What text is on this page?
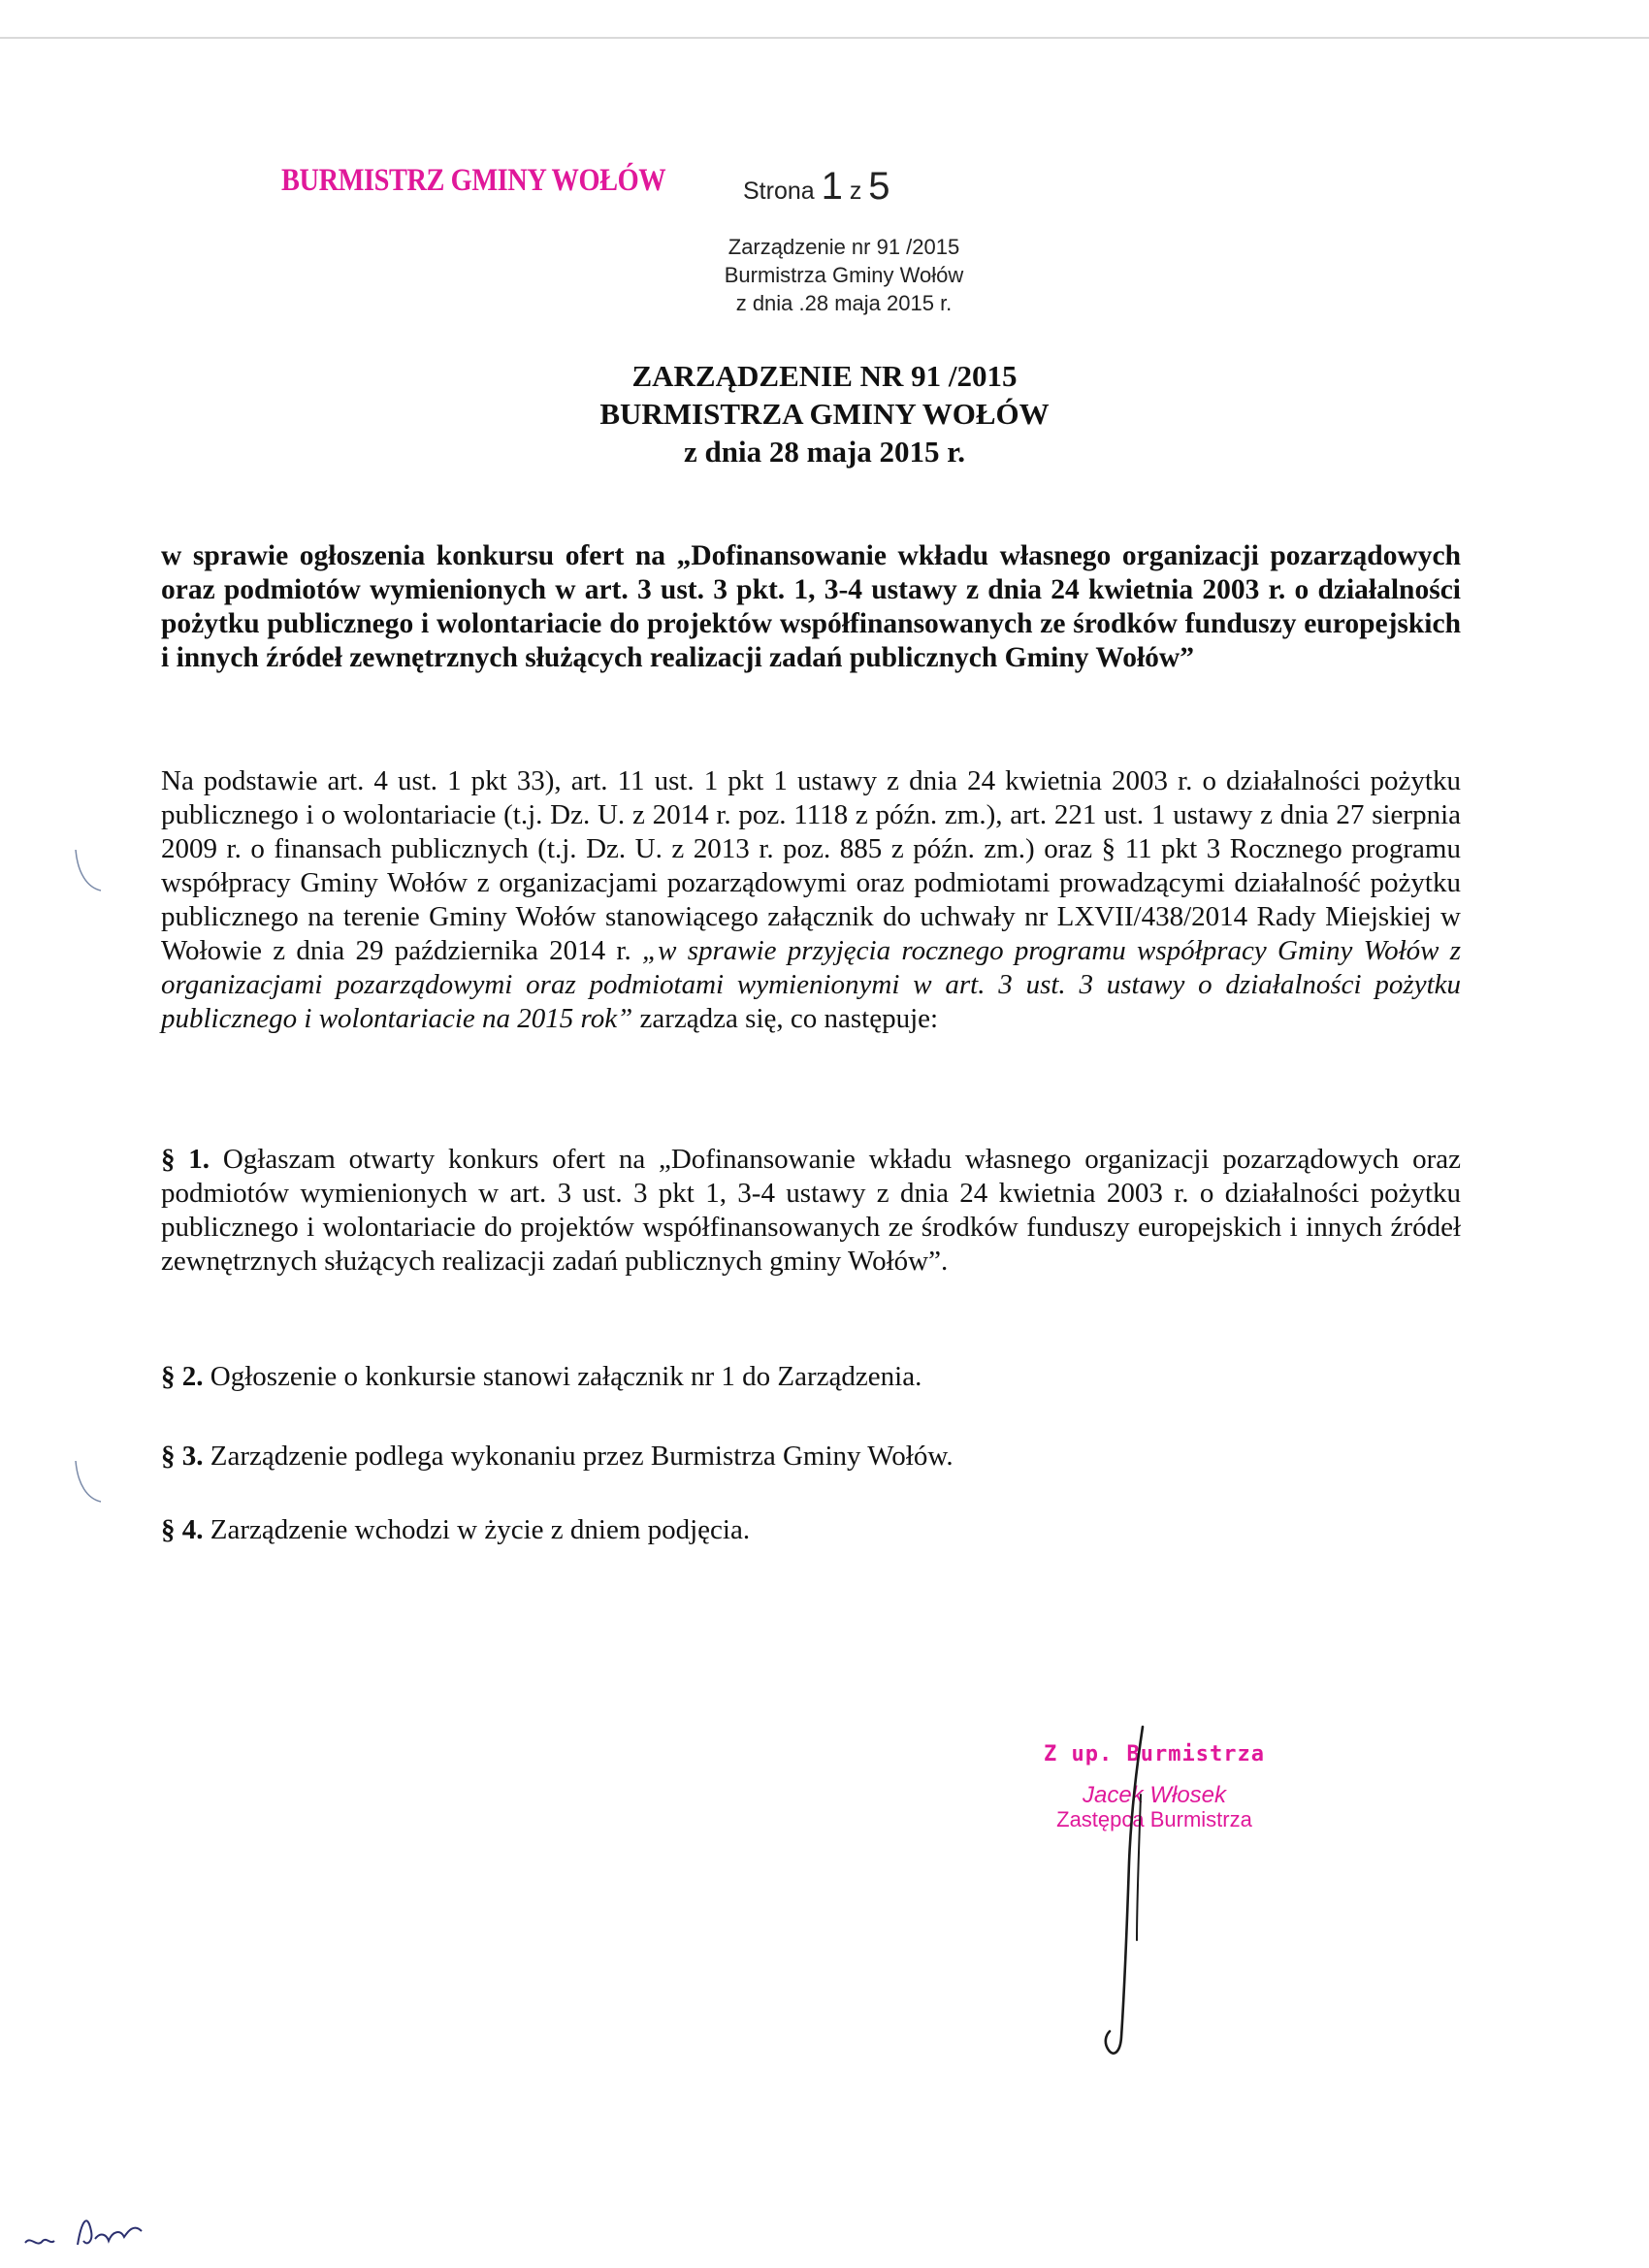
BURMISTRZ GMINY WOŁÓW	Strona 1 z 5
Zarządzenie nr 91 /2015
Burmistrza Gminy Wołów
z dnia .28 maja 2015 r.
ZARZĄDZENIE NR 91 /2015
BURMISTRZA GMINY WOŁÓW
z dnia 28 maja 2015 r.
w sprawie ogłoszenia konkursu ofert na „Dofinansowanie wkładu własnego organizacji pozarządowych oraz podmiotów wymienionych w art. 3 ust. 3 pkt. 1, 3-4 ustawy z dnia 24 kwietnia 2003 r. o działalności pożytku publicznego i wolontariacie do projektów współfinansowanych ze środków funduszy europejskich i innych źródeł zewnętrznych służących realizacji zadań publicznych Gminy Wołów”
Na podstawie art. 4 ust. 1 pkt 33), art. 11 ust. 1 pkt 1 ustawy z dnia 24 kwietnia 2003 r. o działalności pożytku publicznego i o wolontariacie (t.j. Dz. U. z 2014 r. poz. 1118 z późn. zm.), art. 221 ust. 1 ustawy z dnia 27 sierpnia 2009 r. o finansach publicznych (t.j. Dz. U. z 2013 r. poz. 885 z późn. zm.) oraz § 11 pkt 3 Rocznego programu współpracy Gminy Wołów z organizacjami pozarządowymi oraz podmiotami prowadzącymi działalność pożytku publicznego na terenie Gminy Wołów stanowiącego załącznik do uchwały nr LXVII/438/2014 Rady Miejskiej w Wołowie z dnia 29 października 2014 r. „w sprawie przyjęcia rocznego programu współpracy Gminy Wołów z organizacjami pozarządowymi oraz podmiotami wymienionymi w art. 3 ust. 3 ustawy o działalności pożytku publicznego i wolontariacie na 2015 rok” zarządza się, co następuje:
§ 1. Ogłaszam otwarty konkurs ofert na „Dofinansowanie wkładu własnego organizacji pozarządowych oraz podmiotów wymienionych w art. 3 ust. 3 pkt 1, 3-4 ustawy z dnia 24 kwietnia 2003 r. o działalności pożytku publicznego i wolontariacie do projektów współfinansowanych ze środków funduszy europejskich i innych źródeł zewnętrznych służących realizacji zadań publicznych gminy Wołów”.
§ 2. Ogłoszenie o konkursie stanowi załącznik nr 1 do Zarządzenia.
§ 3. Zarządzenie podlega wykonaniu przez Burmistrza Gminy Wołów.
§ 4. Zarządzenie wchodzi w życie z dniem podjęcia.
Z up. Burmistrza
Jacek Włosek
Zastępca Burmistrza
